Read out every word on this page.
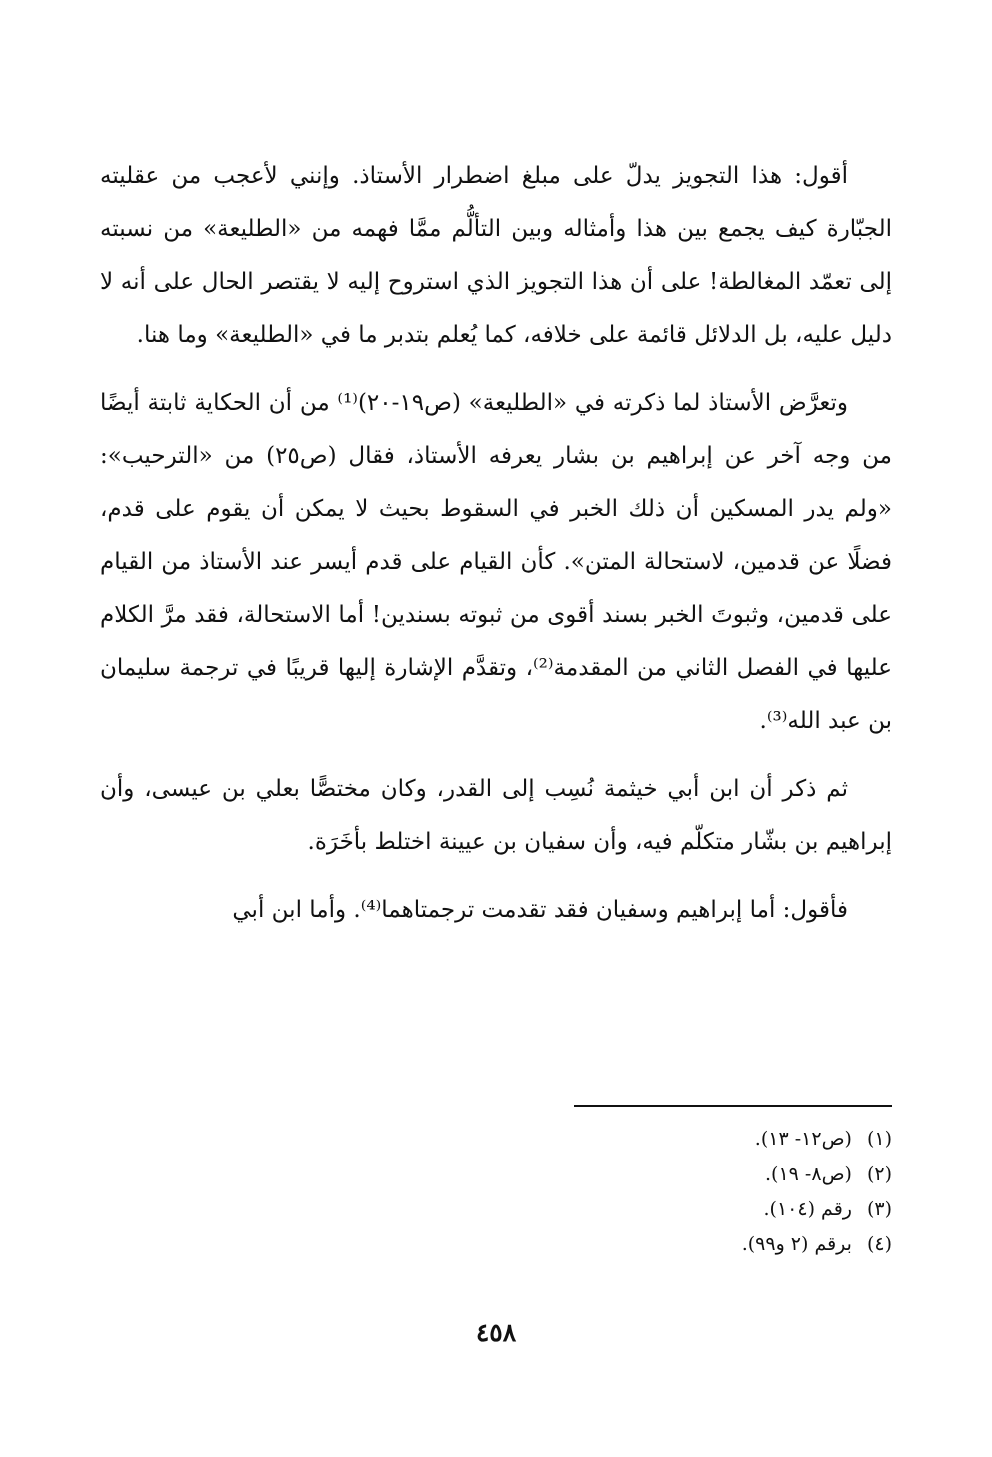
أقول: هذا التجويز يدلّ على مبلغ اضطرار الأستاذ. وإنني لأعجب من عقليته الجبّارة كيف يجمع بين هذا وأمثاله وبين التألُّم ممَّا فهمه من «الطليعة» من نسبته إلى تعمّد المغالطة! على أن هذا التجويز الذي استروح إليه لا يقتصر الحال على أنه لا دليل عليه، بل الدلائل قائمة على خلافه، كما يُعلم بتدبر ما في «الطليعة» وما هنا.

وتعرَّض الأستاذ لما ذكرته في «الطليعة» (ص١٩-٢٠)⁽¹⁾ من أن الحكاية ثابتة أيضًا من وجه آخر عن إبراهيم بن بشار يعرفه الأستاذ، فقال (ص٢٥) من «الترحيب»: «ولم يدر المسكين أن ذلك الخبر في السقوط بحيث لا يمكن أن يقوم على قدم، فضلًا عن قدمين، لاستحالة المتن». كأن القيام على قدم أيسر عند الأستاذ من القيام على قدمين، وثبوتَ الخبر بسند أقوى من ثبوته بسندين! أما الاستحالة، فقد مرَّ الكلام عليها في الفصل الثاني من المقدمة⁽²⁾، وتقدَّم الإشارة إليها قريبًا في ترجمة سليمان بن عبد الله⁽³⁾.

ثم ذكر أن ابن أبي خيثمة نُسِب إلى القدر، وكان مختصًّا بعلي بن عيسى، وأن إبراهيم بن بشّار متكلّم فيه، وأن سفيان بن عيينة اختلط بأخَرَة.

فأقول: أما إبراهيم وسفيان فقد تقدمت ترجمتاهما⁽⁴⁾. وأما ابن أبي

(١) (ص١٢- ١٣).
(٢) (ص٨- ١٩).
(٣) رقم (١٠٤).
(٤) برقم (٢ و٩٩).
٤٥٨
